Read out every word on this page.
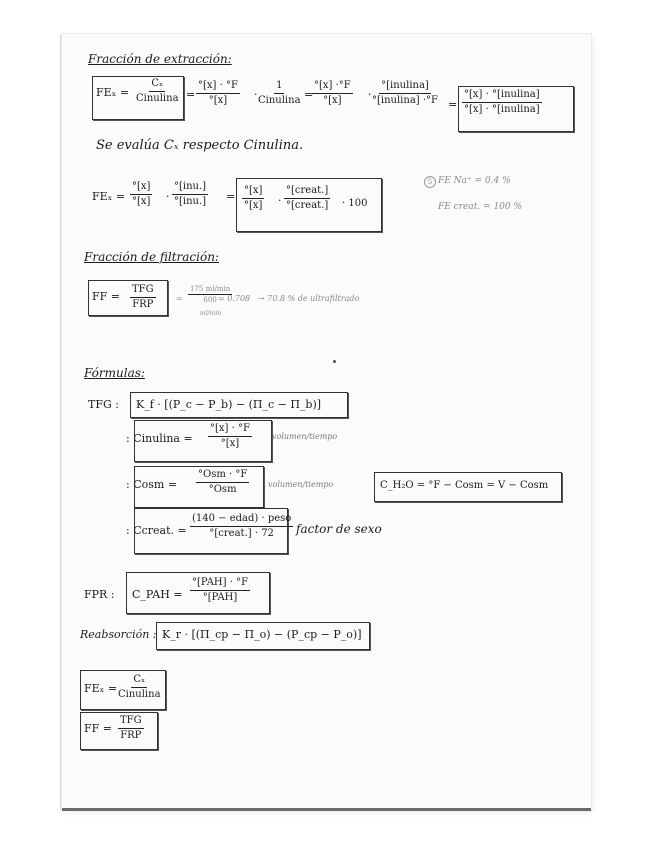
Fracción de extracción:
FEₓ =
Cₓ
Cinulina = $\frac{^\circ[x] \cdot ^\circ F}{^\circ[x]}$ ·
1
Cinulina =
$\frac{^\circ[x] \cdot^\circ F}{^\circ[x]}$ ·
°[inulina]
°[inulina] ·°F =
°[x] · °[inulina]
°[x] · °[inulina]
Se evalúa Cₓ respecto Cinulina.
$FE_x = \frac{^\circ[x]}{^\circ[x]}$ ·
°[inu.]
$^\circ[inu.] = \frac{^\circ[x]}{^\circ[x]}$ ·
°[creat.]
°[creat.] · 100
5 FE Na⁺ = 0.4 %
FE creat. = 100 %
Fracción de filtración:
FF =
TFG
FRP
=
175 ml/min
600
ml/min
= 0.708 → 70.8 % de ultrafiltrado
Fórmulas:
TFG : K_f · [(P_c − P_b) − (Π_c − Π_b)]
: Cinulina = $\frac{^\circ[x] \cdot ^\circ F}{^\circ[x]}$	volumen/tiempo
: Cosm =
°Osm · °F
°Osm	volumen/tiempo	C_H₂O = °F − Cosm = V − Cosm
: Ccreat. =
(140 − edad) · peso
°[creat.] · 72 factor de sexo
FPR : C_PAH =
°[PAH] · °F
°[PAH]
Reabsorción : K_r · [(Π_cp − Π_o) − (P_cp − P_o)]
FEₓ =
Cₓ
Cinulina
FF =
TFG
FRP
